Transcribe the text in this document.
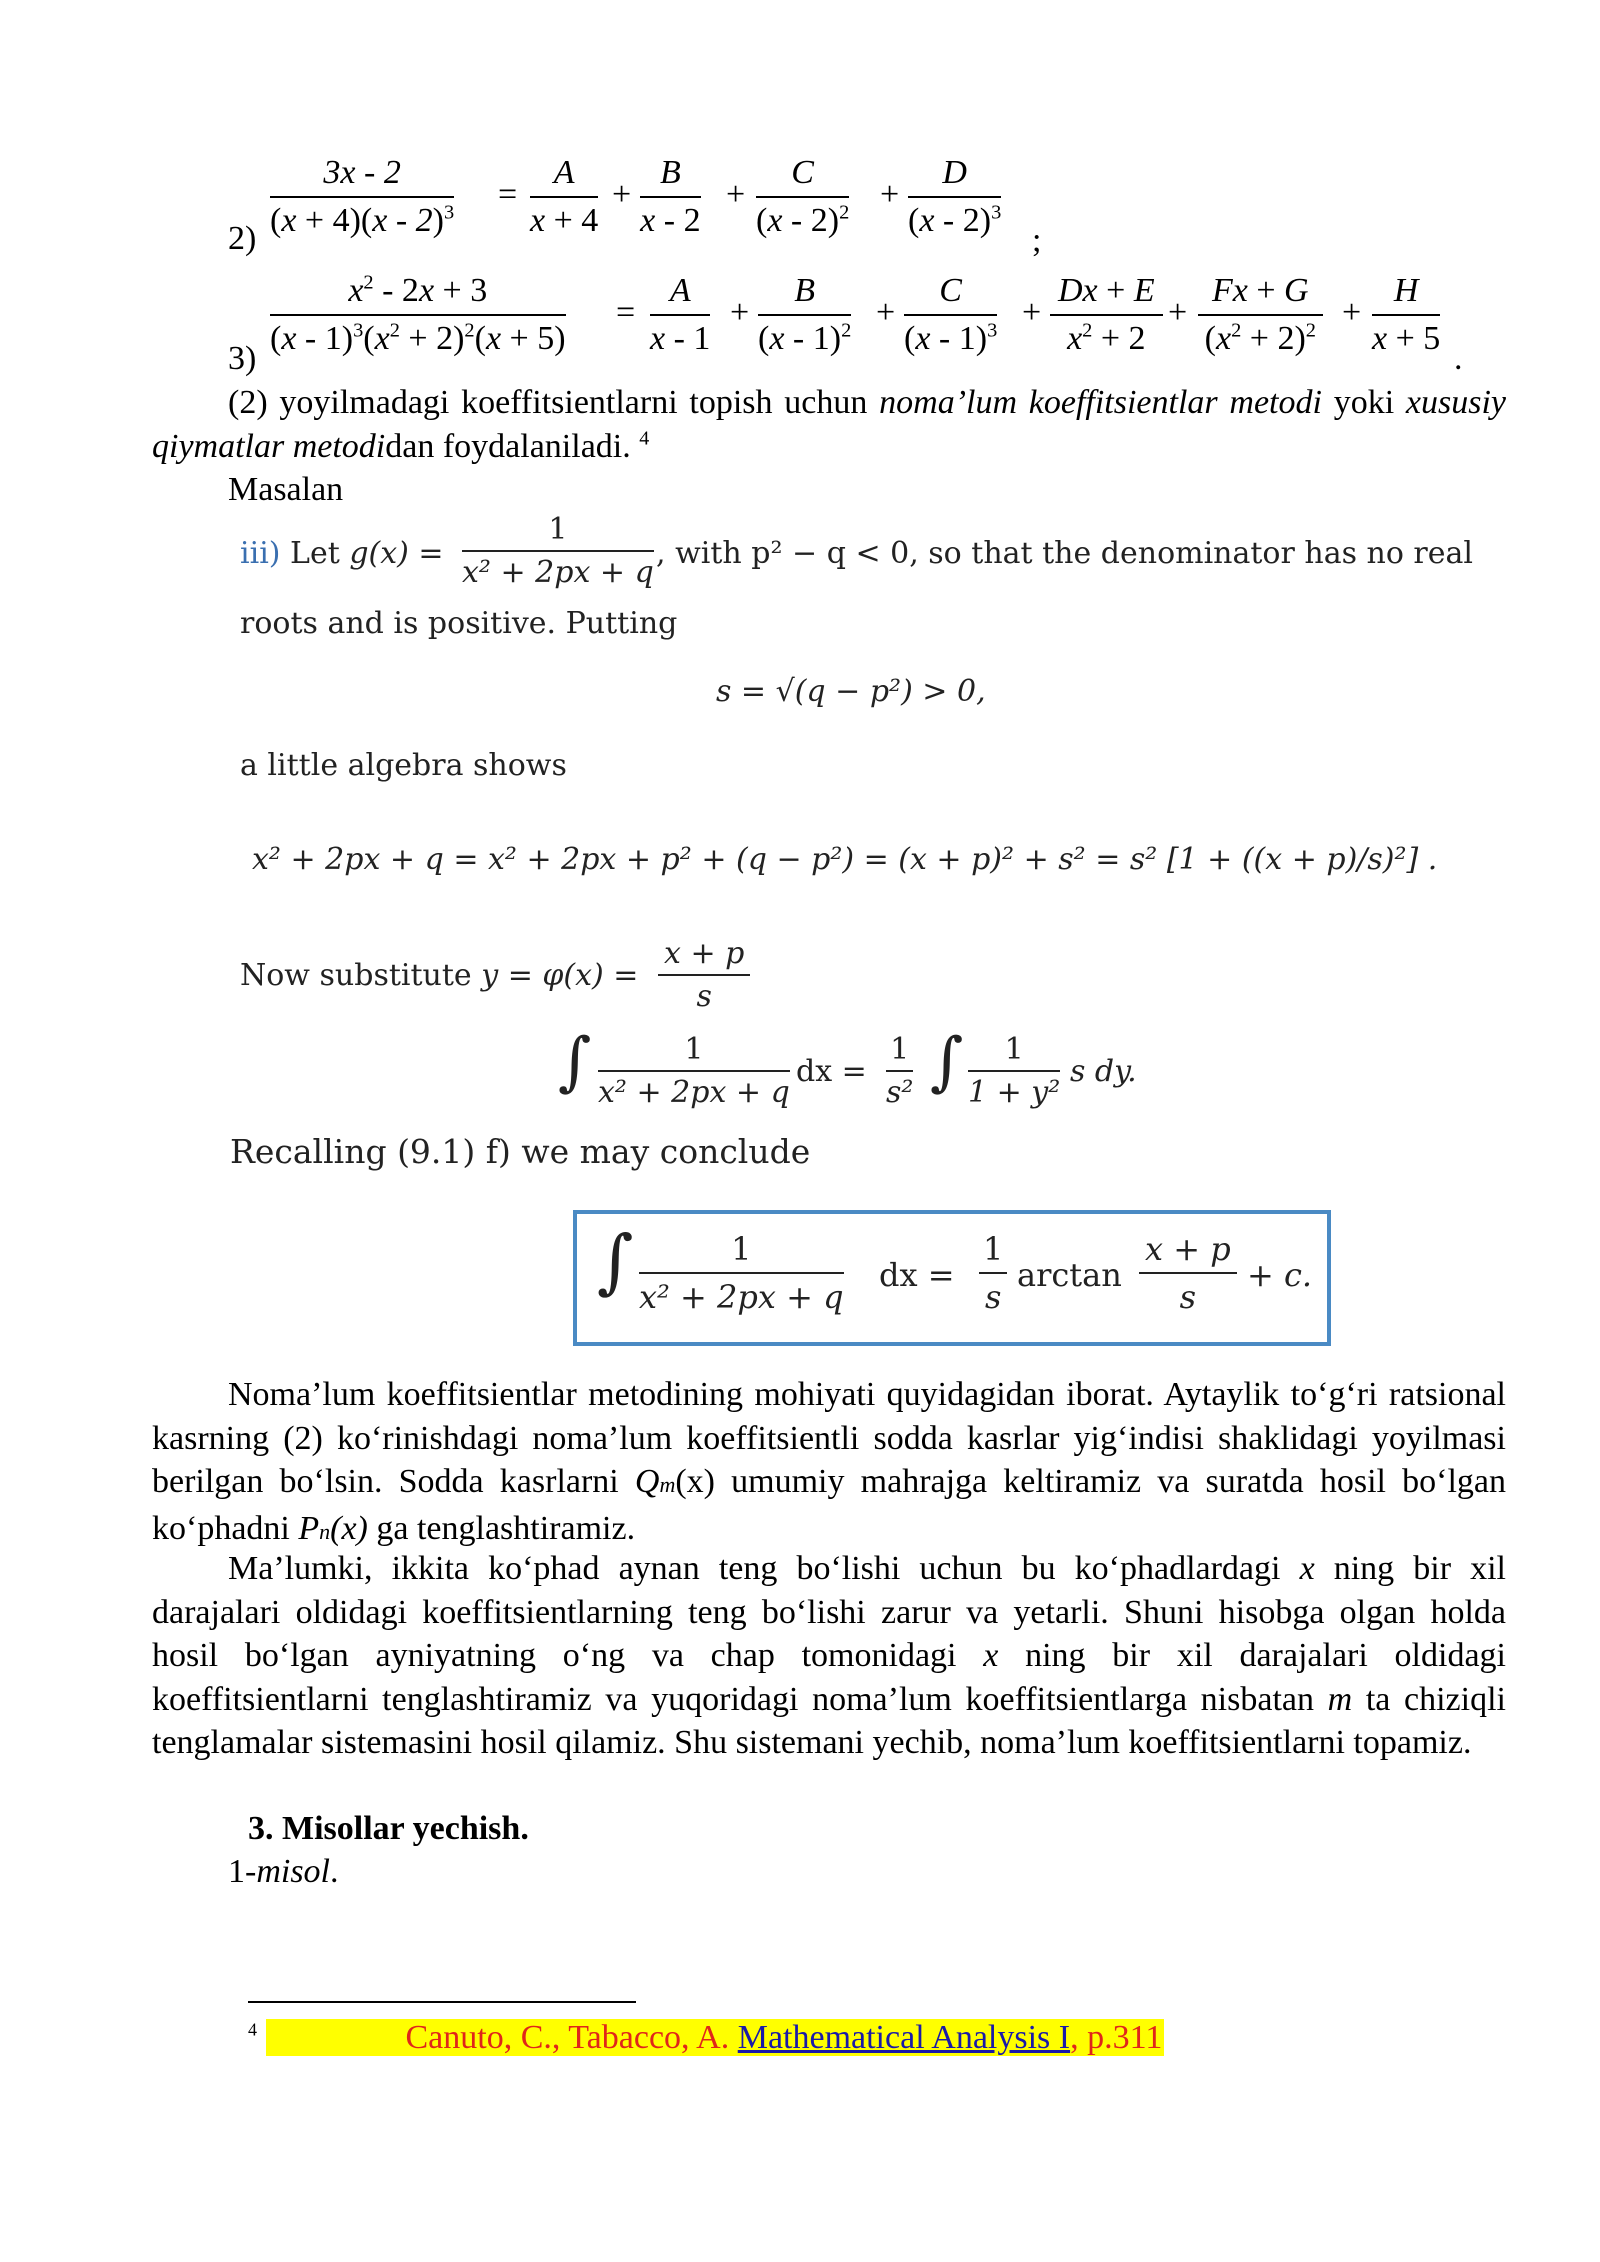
2)
3x - 2
(x + 4)(x - 2)$^3$ =
A
x + 4
+
B
x - 2
+
C
(x - 2)$^2$ +
D
(x - 2)$^3$
;
3)
$x^2 - 2x + 3$
$(x - 1)^3(x^2 + 2)^2(x + 5)$
=
A
x - 1
+
B
(x - 1)$^2$ +
C
(x - 1)$^3$ +
Dx + E
$x^2 + 2$
+
Fx + G
$(x^2 + 2)^2$ +
H
x + 5
.
(2) yoyilmadagi koeffitsientlarni topish uchun noma’lum koeffitsientlar metodi yoki xususiy qiymatlar metodidan foydalaniladi. $^4$
Masalan
iii) Let g(x) =
1
x² + 2px + q
, with p² − q < 0, so that the denominator has no real
roots and is positive. Putting
s = √(q − p²) > 0,
a little algebra shows
x² + 2px + q = x² + 2px + p² + (q − p²) = (x + p)² + s² = s² [1 + ((x + p)/s)²] .
Now substitute y = φ(x) =
x + p
s
∫	1
x² + 2px + q
dx =
1
s² ∫	1
1 + y²
s dy.
Recalling (9.1) f) we may conclude
∫	1
x² + 2px + q
dx =
1
s
arctan
x + p
s
+ c.
Noma’lum koeffitsientlar metodining mohiyati quyidagidan iborat. Aytaylik to‘g‘ri ratsional kasrning (2) ko‘rinishdagi noma’lum koeffitsientli sodda kasrlar yig‘indisi shaklidagi yoyilmasi berilgan bo‘lsin. Sodda kasrlarni Qm(x) umumiy mahrajga keltiramiz va suratda hosil bo‘lgan ko‘phadni Pn(x) ga tenglashtiramiz.
Ma’lumki, ikkita ko‘phad aynan teng bo‘lishi uchun bu ko‘phadlardagi x ning bir xil darajalari oldidagi koeffitsientlarning teng bo‘lishi zarur va yetarli. Shuni hisobga olgan holda hosil bo‘lgan ayniyatning o‘ng va chap tomonidagi x ning bir xil darajalari oldidagi koeffitsientlarni tenglashtiramiz va yuqoridagi noma’lum koeffitsientlarga nisbatan m ta chiziqli tenglamalar sistemasini hosil qilamiz. Shu sistemani yechib, noma’lum koeffitsientlarni topamiz.
3. Misollar yechish.
1-misol.
$^4$	Canuto, C., Tabacco, A. Mathematical Analysis I, p.311
